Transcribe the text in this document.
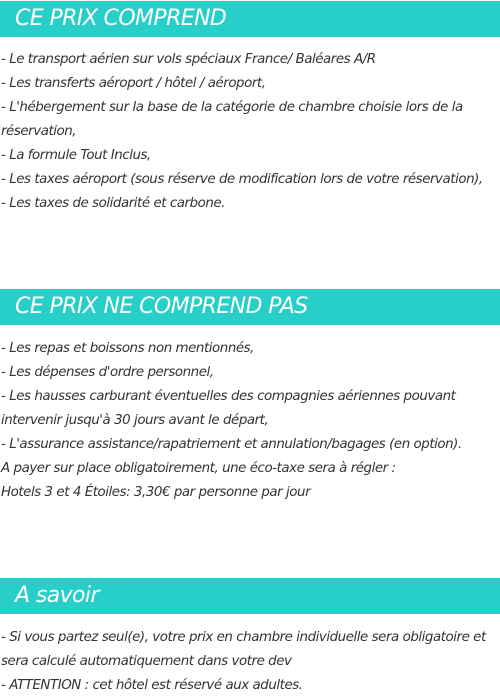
CE PRIX COMPREND
- Le transport aérien sur vols spéciaux France/ Baléares A/R
- Les transferts aéroport / hôtel / aéroport,
- L'hébergement sur la base de la catégorie de chambre choisie lors de la
réservation,
- La formule Tout Inclus,
- Les taxes aéroport (sous réserve de modification lors de votre réservation),
- Les taxes de solidarité et carbone.
CE PRIX NE COMPREND PAS
- Les repas et boissons non mentionnés,
- Les dépenses d'ordre personnel,
- Les hausses carburant éventuelles des compagnies aériennes pouvant
intervenir jusqu'à 30 jours avant le départ,
- L'assurance assistance/rapatriement et annulation/bagages (en option).
A payer sur place obligatoirement, une éco-taxe sera à régler :
Hotels 3 et 4 Étoiles: 3,30€ par personne par jour
A savoir
- Si vous partez seul(e), votre prix en chambre individuelle sera obligatoire et
sera calculé automatiquement dans votre dev
- ATTENTION : cet hôtel est réservé aux adultes.
